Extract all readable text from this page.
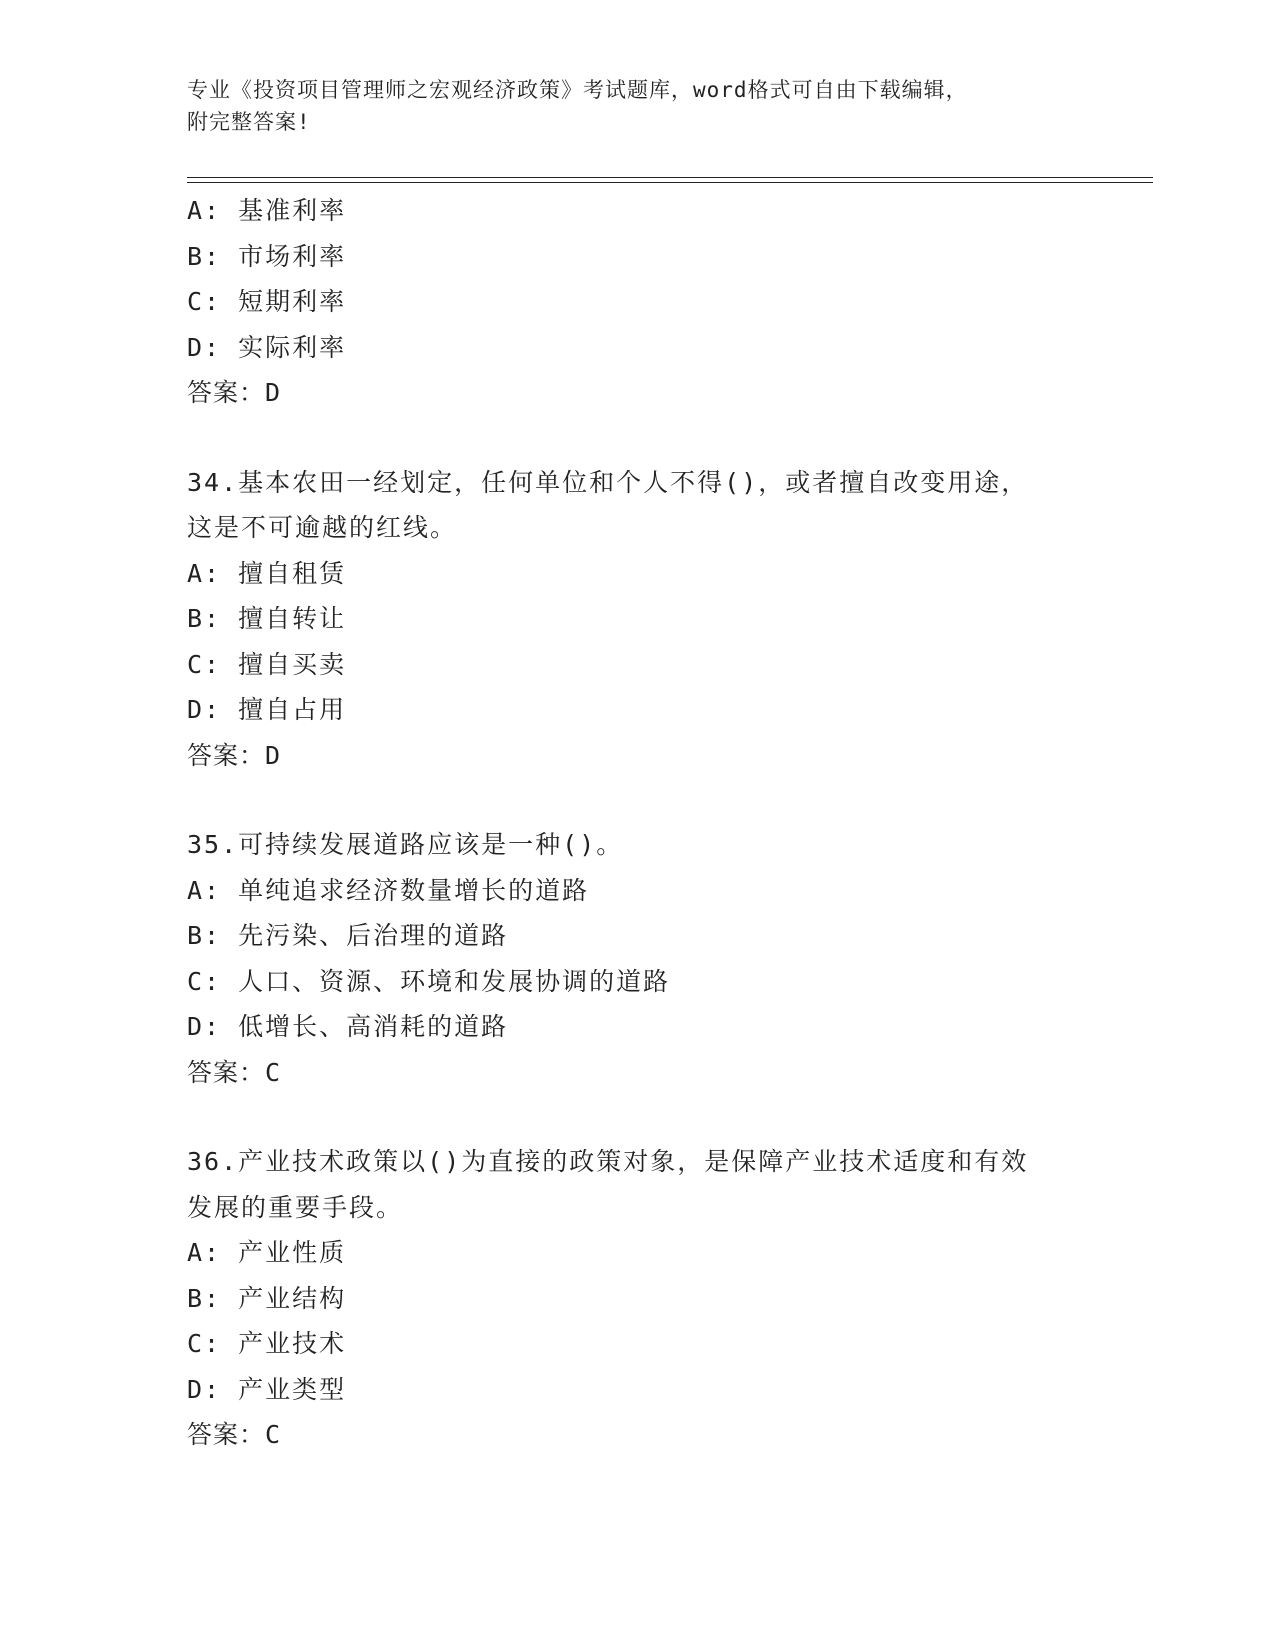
专业《投资项目管理师之宏观经济政策》考试题库，word格式可自由下载编辑，
附完整答案!
A: 基准利率
B: 市场利率
C: 短期利率
D: 实际利率
答案：D
34.基本农田一经划定，任何单位和个人不得()，或者擅自改变用途，
这是不可逾越的红线。
A: 擅自租赁
B: 擅自转让
C: 擅自买卖
D: 擅自占用
答案：D
35.可持续发展道路应该是一种()。
A: 单纯追求经济数量增长的道路
B: 先污染、后治理的道路
C: 人口、资源、环境和发展协调的道路
D: 低增长、高消耗的道路
答案：C
36.产业技术政策以()为直接的政策对象，是保障产业技术适度和有效
发展的重要手段。
A: 产业性质
B: 产业结构
C: 产业技术
D: 产业类型
答案：C
